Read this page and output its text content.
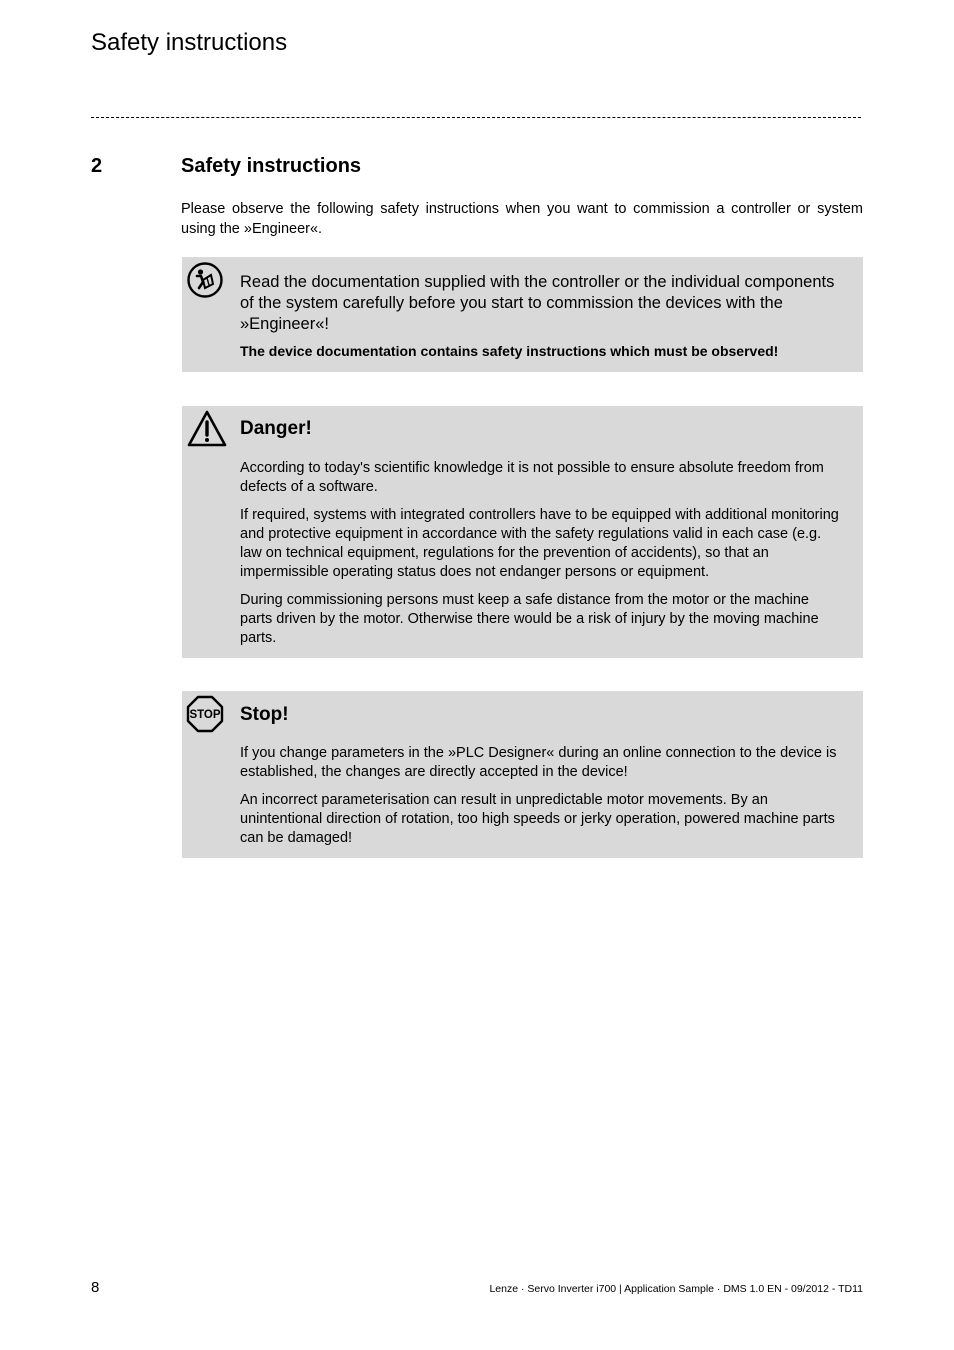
Safety instructions
2	Safety instructions
Please observe the following safety instructions when you want to commission a controller or system using the »Engineer«.

Read the documentation supplied with the controller or the individual components of the system carefully before you start to commission the devices with the »Engineer«!

The device documentation contains safety instructions which must be observed!

Danger!

According to today's scientific knowledge it is not possible to ensure absolute freedom from defects of a software.

If required, systems with integrated controllers have to be equipped with additional monitoring and protective equipment in accordance with the safety regulations valid in each case (e.g. law on technical equipment, regulations for the prevention of accidents), so that an impermissible operating status does not endanger persons or equipment.

During commissioning persons must keep a safe distance from the motor or the machine parts driven by the motor. Otherwise there would be a risk of injury by the moving machine parts.

STOP Stop!

If you change parameters in the »PLC Designer« during an online connection to the device is established, the changes are directly accepted in the device!

An incorrect parameterisation can result in unpredictable motor movements. By an unintentional direction of rotation, too high speeds or jerky operation, powered machine parts can be damaged!

8	Lenze · Servo Inverter i700 | Application Sample · DMS 1.0 EN - 09/2012 - TD11
